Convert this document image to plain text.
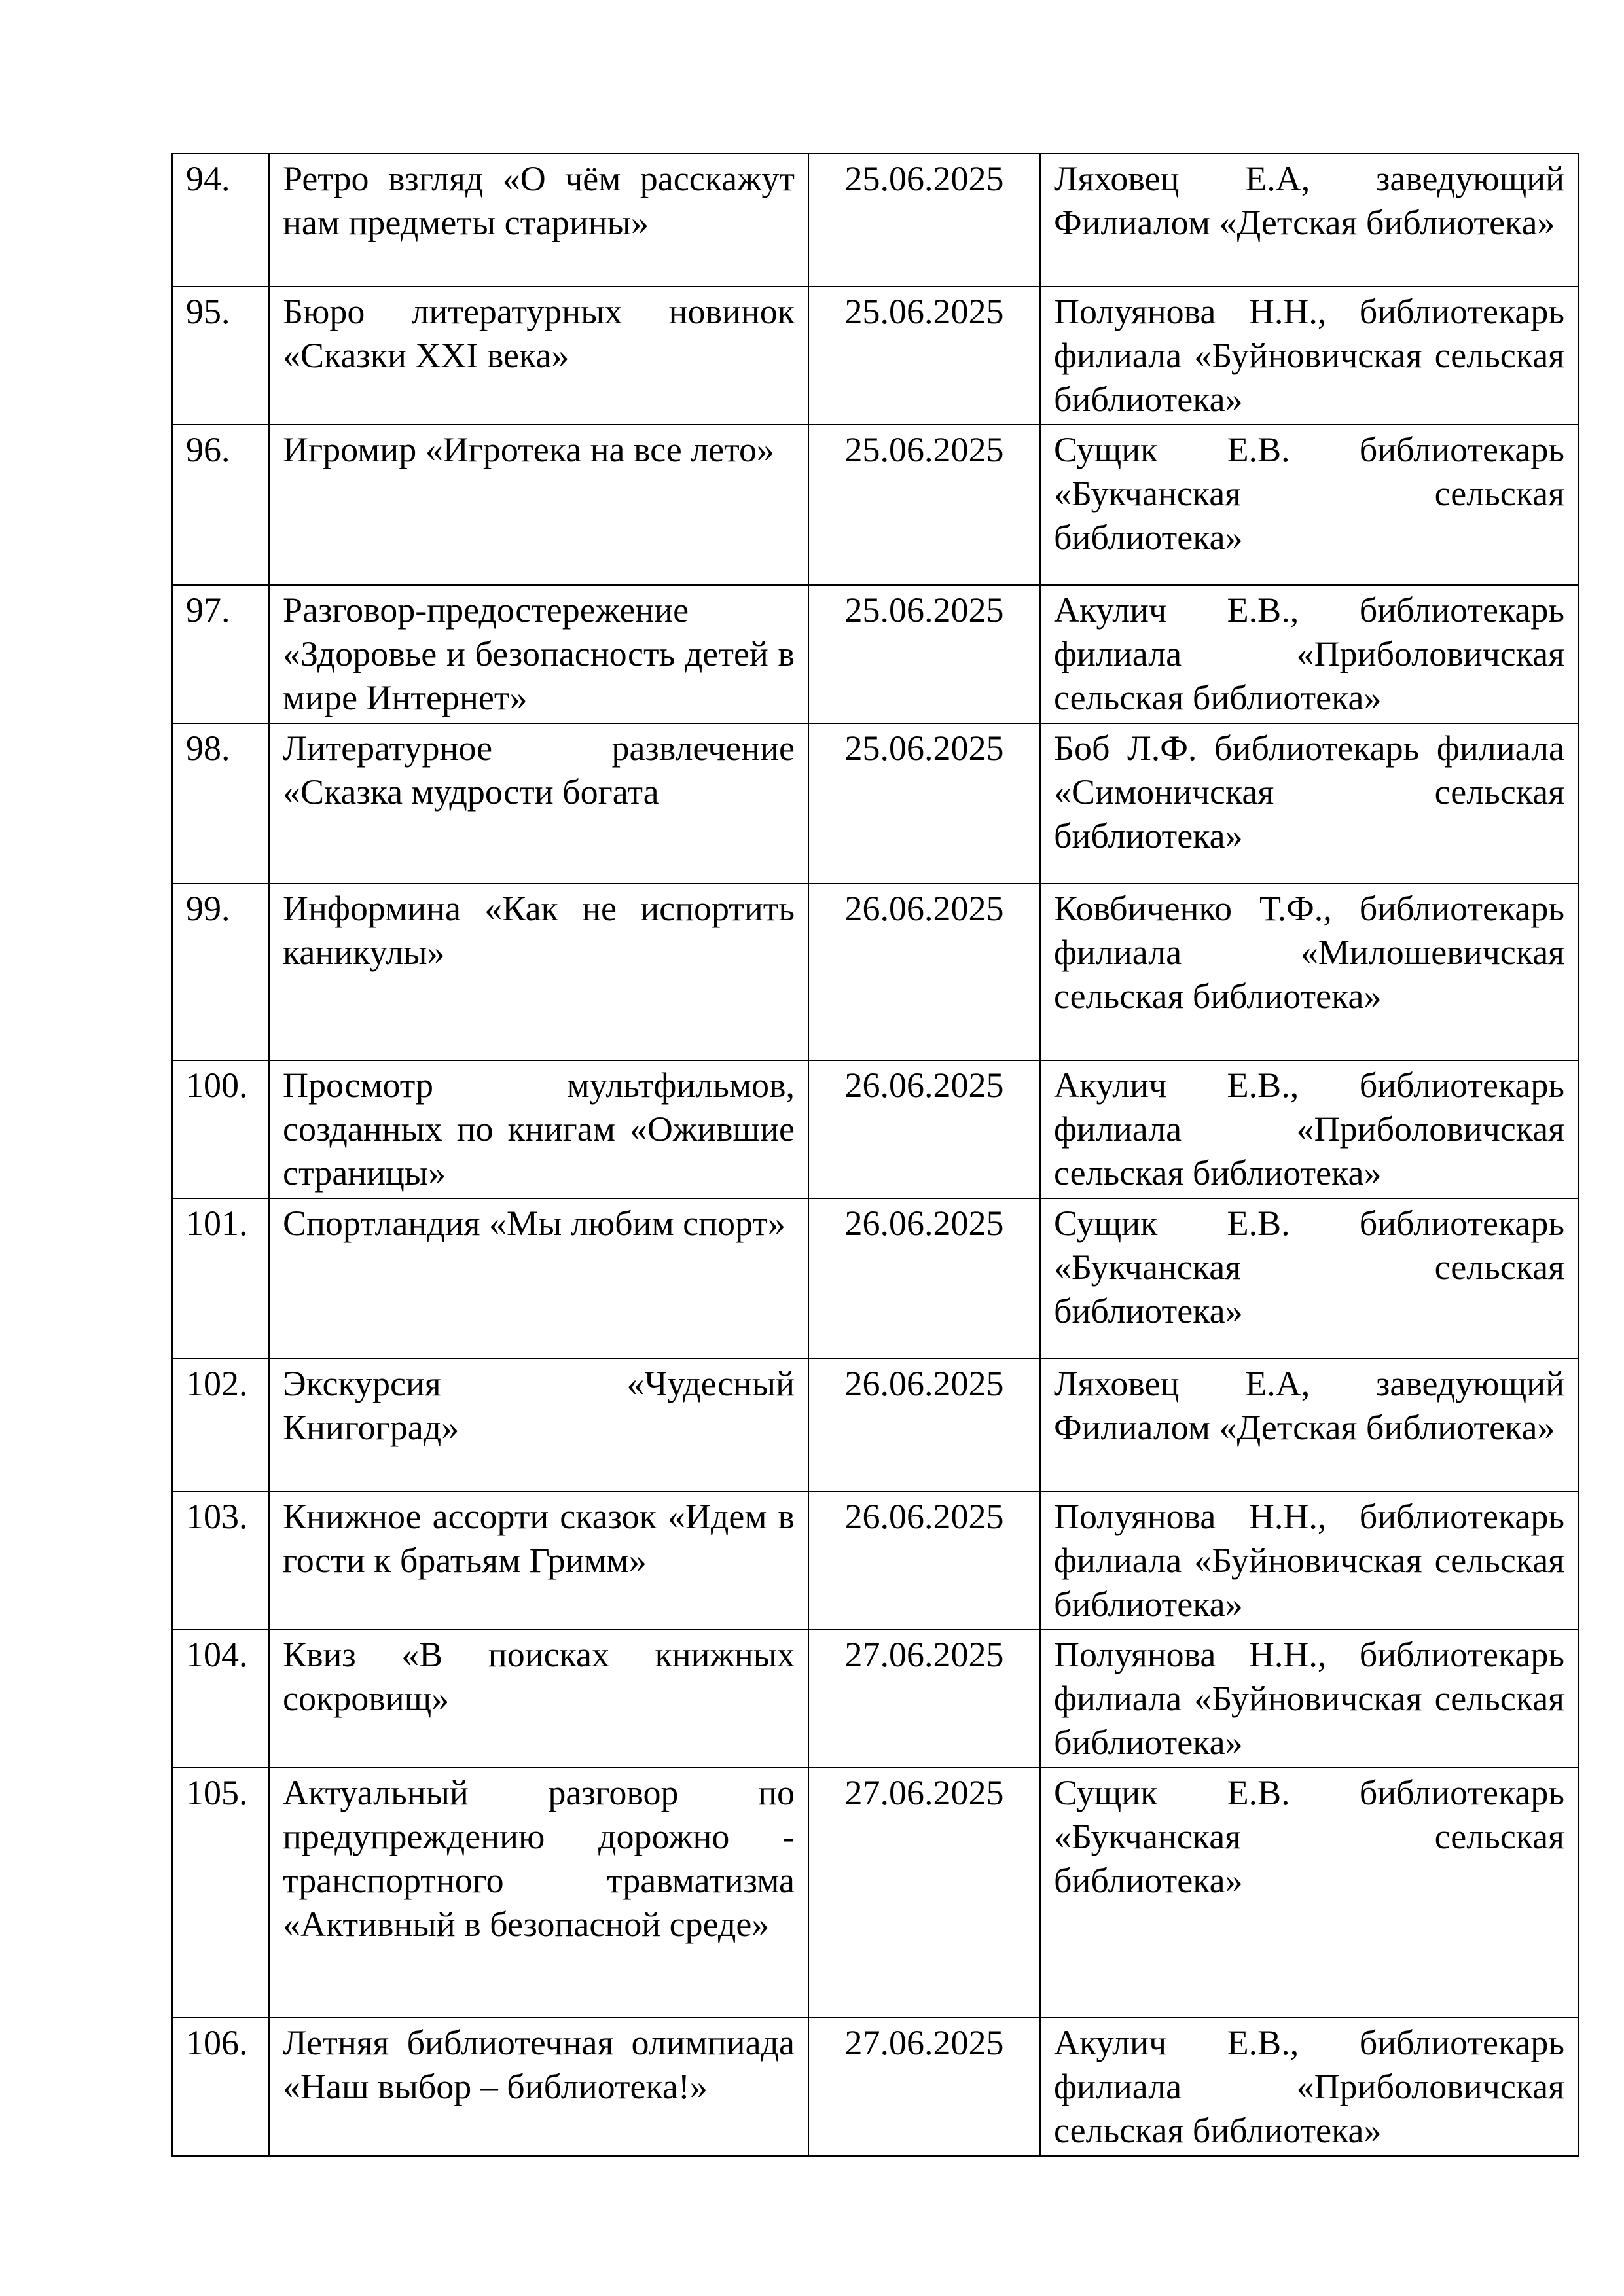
94.	Ретро взгляд «О чём расскажут нам предметы старины»	25.06.2025	Ляховец Е.А, заведующий Филиалом «Детская библиотека»
95.	Бюро литературных новинок «Сказки XXI века»	25.06.2025	Полуянова Н.Н., библиотекарь филиала «Буйновичская сельская библиотека»
96.	Игромир «Игротека на все лето»	25.06.2025	Сущик Е.В. библиотекарь «Букчанская сельская библиотека»
97.	Разговор-предостережение «Здоровье и безопасность детей в мире Интернет»	25.06.2025	Акулич Е.В., библиотекарь филиала «Приболовичская сельская библиотека»
98.	Литературное развлечение «Сказка мудрости богата	25.06.2025	Боб Л.Ф. библиотекарь филиала «Симоничская сельская библиотека»
99.	Информина «Как не испортить каникулы»	26.06.2025	Ковбиченко Т.Ф., библиотекарь филиала «Милошевичская сельская библиотека»
100.	Просмотр мультфильмов, созданных по книгам «Ожившие страницы»	26.06.2025	Акулич Е.В., библиотекарь филиала «Приболовичская сельская библиотека»
101.	Спортландия «Мы любим спорт»	26.06.2025	Сущик Е.В. библиотекарь «Букчанская сельская библиотека»
102.	Экскурсия «Чудесный Книгоград»	26.06.2025	Ляховец Е.А, заведующий Филиалом «Детская библиотека»
103.	Книжное ассорти сказок «Идем в гости к братьям Гримм»	26.06.2025	Полуянова Н.Н., библиотекарь филиала «Буйновичская сельская библиотека»
104.	Квиз «В поисках книжных сокровищ»	27.06.2025	Полуянова Н.Н., библиотекарь филиала «Буйновичская сельская библиотека»
105.	Актуальный разговор по предупреждению дорожно - транспортного травматизма «Активный в безопасной среде»	27.06.2025	Сущик Е.В. библиотекарь «Букчанская сельская библиотека»
106.	Летняя библиотечная олимпиада «Наш выбор – библиотека!»	27.06.2025	Акулич Е.В., библиотекарь филиала «Приболовичская сельская библиотека»
